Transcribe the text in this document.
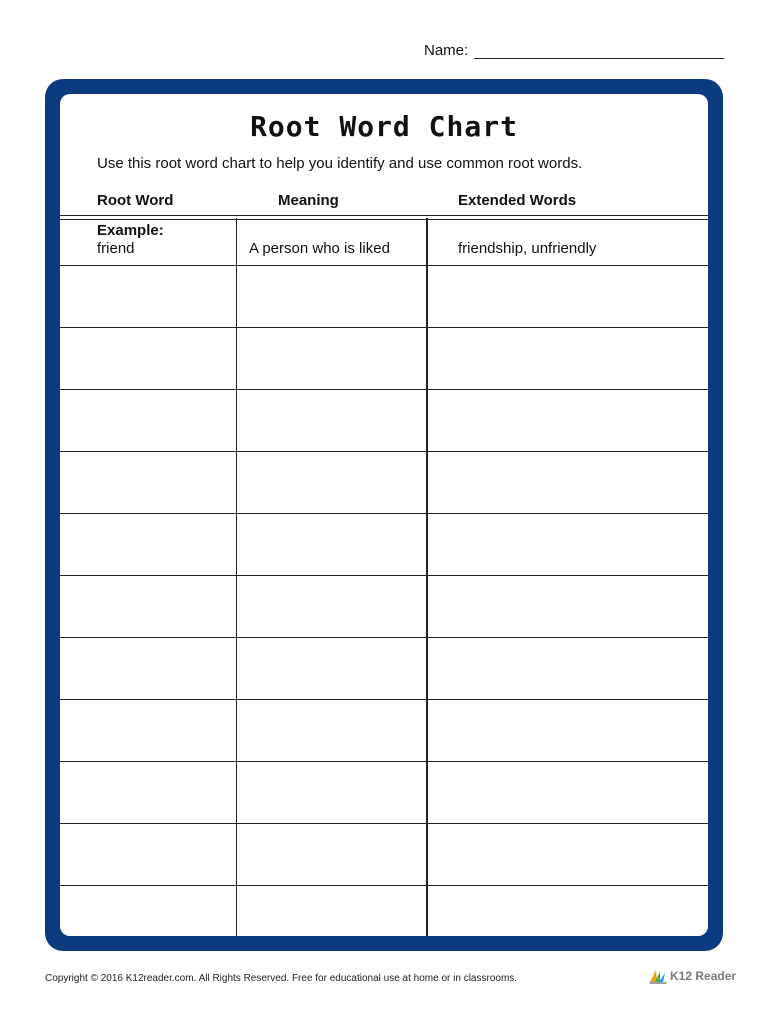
Name:
Root Word Chart
Use this root word chart to help you identify and use common root words.
Root Word	Meaning	Extended Words
Example:
friend	A person who is liked	friendship, unfriendly
Copyright © 2016 K12reader.com. All Rights Reserved. Free for educational use at home or in classrooms.	K12 Reader
